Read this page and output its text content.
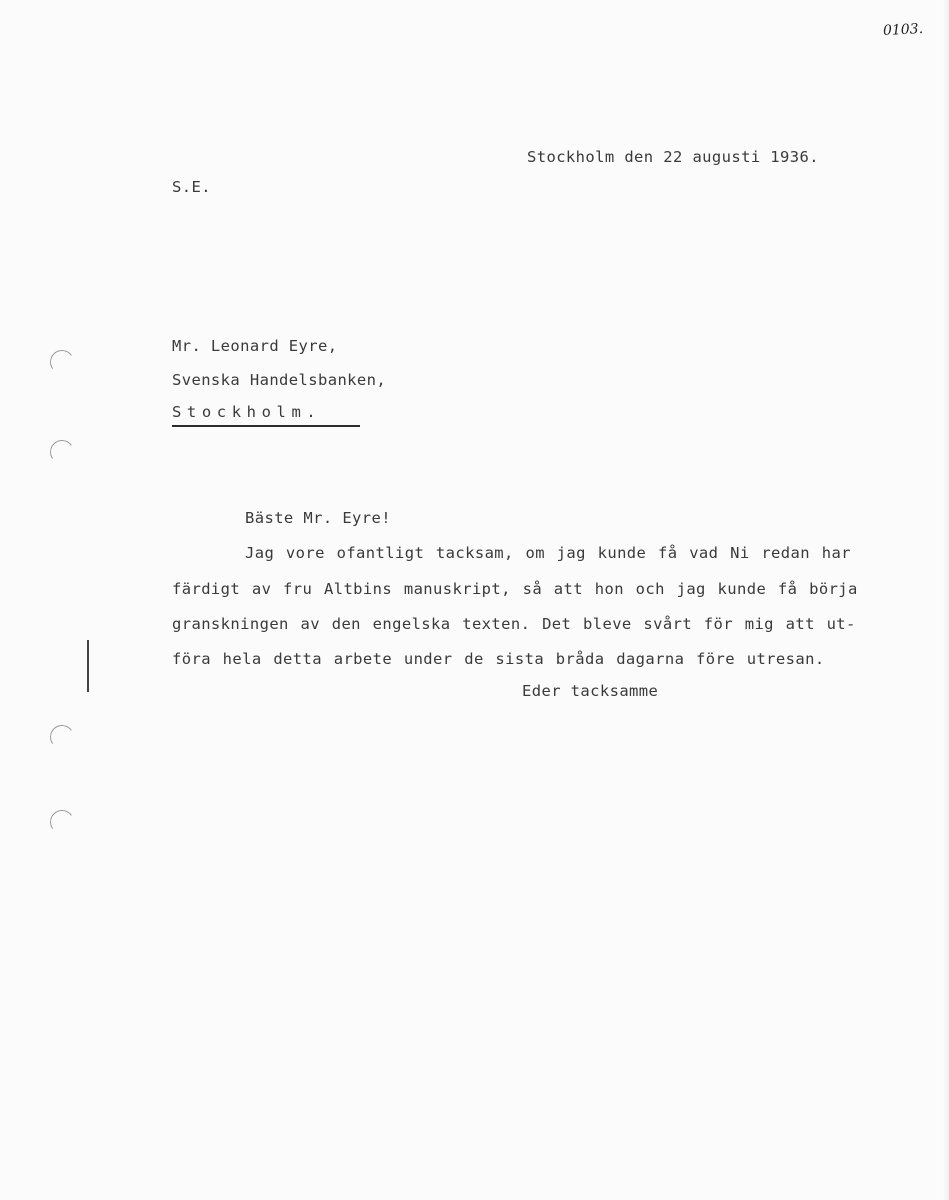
0103.
Stockholm den 22 augusti 1936.
S.E.
Mr. Leonard Eyre,
Svenska Handelsbanken,
Stockholm.
Bäste Mr. Eyre!
Jag vore ofantligt tacksam, om jag kunde få vad Ni redan har
färdigt av fru Altbins manuskript, så att hon och jag kunde få börja
granskningen av den engelska texten. Det bleve svårt för mig att ut-
föra hela detta arbete under de sista bråda dagarna före utresan.
Eder tacksamme
